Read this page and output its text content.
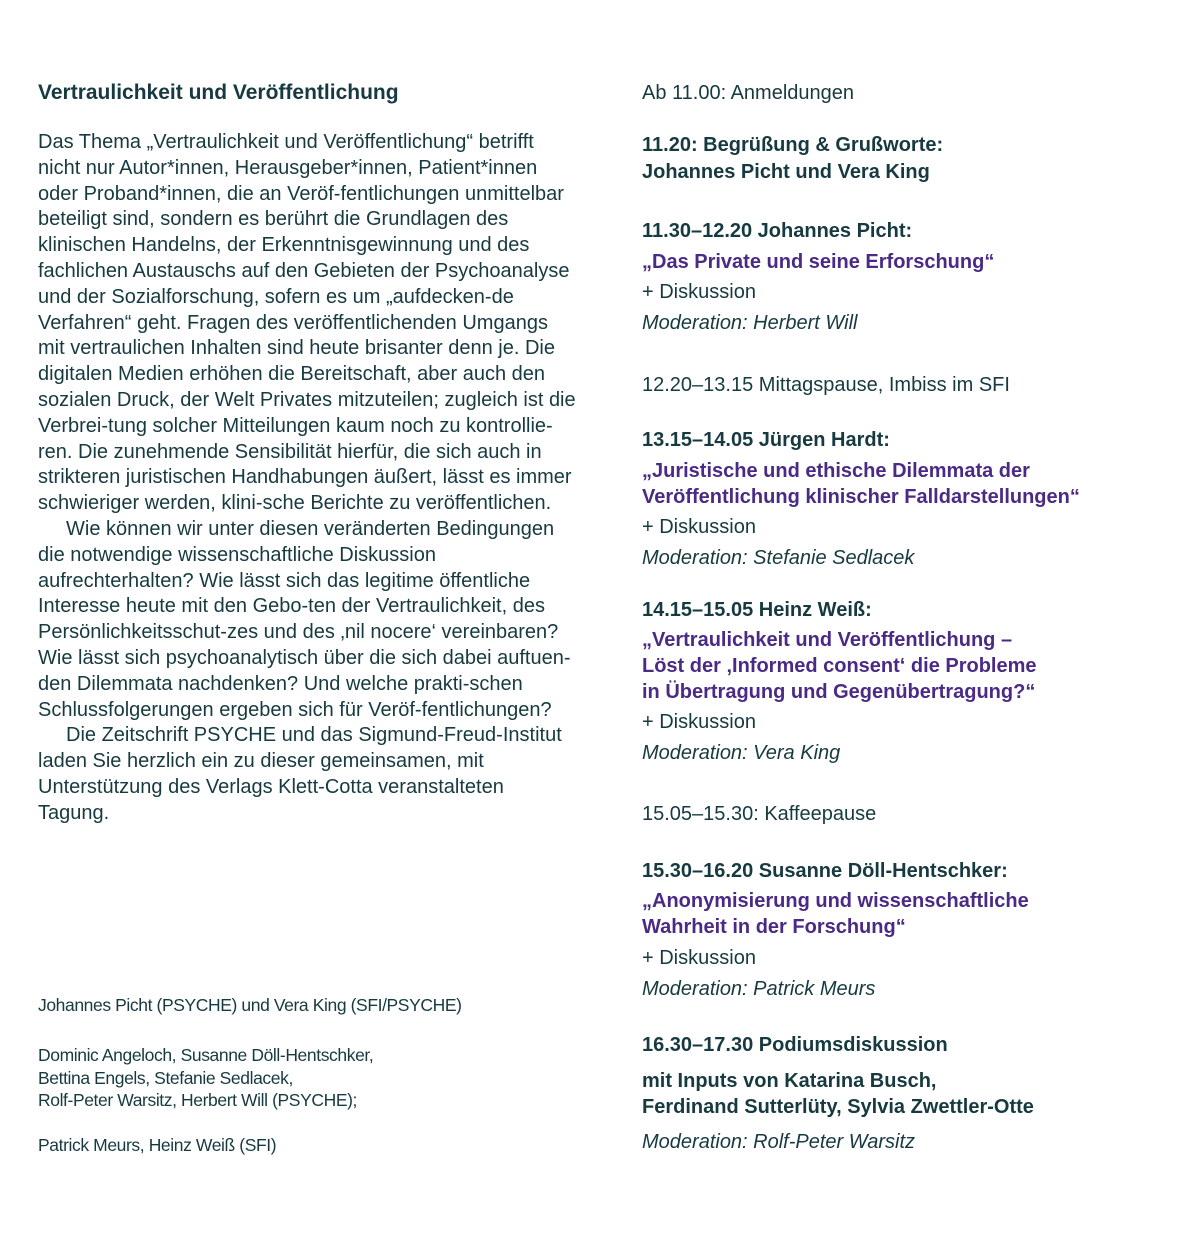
Vertraulichkeit und Veröffentlichung

Das Thema „Vertraulichkeit und Veröffentlichung“ betrifft nicht nur Autor*innen, Herausgeber*innen, Patient*innen oder Proband*innen, die an Veröf-fentlichungen unmittelbar beteiligt sind, sondern es berührt die Grundlagen des klinischen Handelns, der Erkenntnisgewinnung und des fachlichen Austauschs auf den Gebieten der Psychoanalyse und der Sozialforschung, sofern es um „aufdecken-de Verfahren“ geht. Fragen des veröffentlichenden Umgangs mit vertraulichen Inhalten sind heute brisanter denn je. Die digitalen Medien erhöhen die Bereitschaft, aber auch den sozialen Druck, der Welt Privates mitzuteilen; zugleich ist die Verbrei-tung solcher Mitteilungen kaum noch zu kontrollie-ren. Die zunehmende Sensibilität hierfür, die sich auch in strikteren juristischen Handhabungen äußert, lässt es immer schwieriger werden, klini-sche Berichte zu veröffentlichen.

Wie können wir unter diesen veränderten Bedingungen die notwendige wissenschaftliche Diskussion aufrechterhalten? Wie lässt sich das legitime öffentliche Interesse heute mit den Gebo-ten der Vertraulichkeit, des Persönlichkeitsschut-zes und des ‚nil nocere‘ vereinbaren? Wie lässt sich psychoanalytisch über die sich dabei auftuen-den Dilemmata nachdenken? Und welche prakti-schen Schlussfolgerungen ergeben sich für Veröf-fentlichungen?

Die Zeitschrift PSYCHE und das Sigmund-Freud-Institut laden Sie herzlich ein zu dieser gemeinsamen, mit Unterstützung des Verlags Klett-Cotta veranstalteten Tagung.

Johannes Picht (PSYCHE) und Vera King (SFI/PSYCHE)
Dominic Angeloch, Susanne Döll-Hentschker,
Bettina Engels, Stefanie Sedlacek,
Rolf-Peter Warsitz, Herbert Will (PSYCHE);
Patrick Meurs, Heinz Weiß (SFI)
Ab 11.00: Anmeldungen
11.20: Begrüßung & Grußworte:
Johannes Picht und Vera King
11.30–12.20 Johannes Picht:
„Das Private und seine Erforschung“
+ Diskussion
Moderation: Herbert Will
12.20–13.15 Mittagspause, Imbiss im SFI
13.15–14.05 Jürgen Hardt:
„Juristische und ethische Dilemmata der
Veröffentlichung klinischer Falldarstellungen“
+ Diskussion
Moderation: Stefanie Sedlacek
14.15–15.05 Heinz Weiß:
„Vertraulichkeit und Veröffentlichung –
Löst der ‚Informed consent‘ die Probleme
in Übertragung und Gegenübertragung?“
+ Diskussion
Moderation: Vera King
15.05–15.30: Kaffeepause
15.30–16.20 Susanne Döll-Hentschker:
„Anonymisierung und wissenschaftliche
Wahrheit in der Forschung“
+ Diskussion
Moderation: Patrick Meurs
16.30–17.30 Podiumsdiskussion
mit Inputs von Katarina Busch,
Ferdinand Sutterlüty, Sylvia Zwettler-Otte
Moderation: Rolf-Peter Warsitz
